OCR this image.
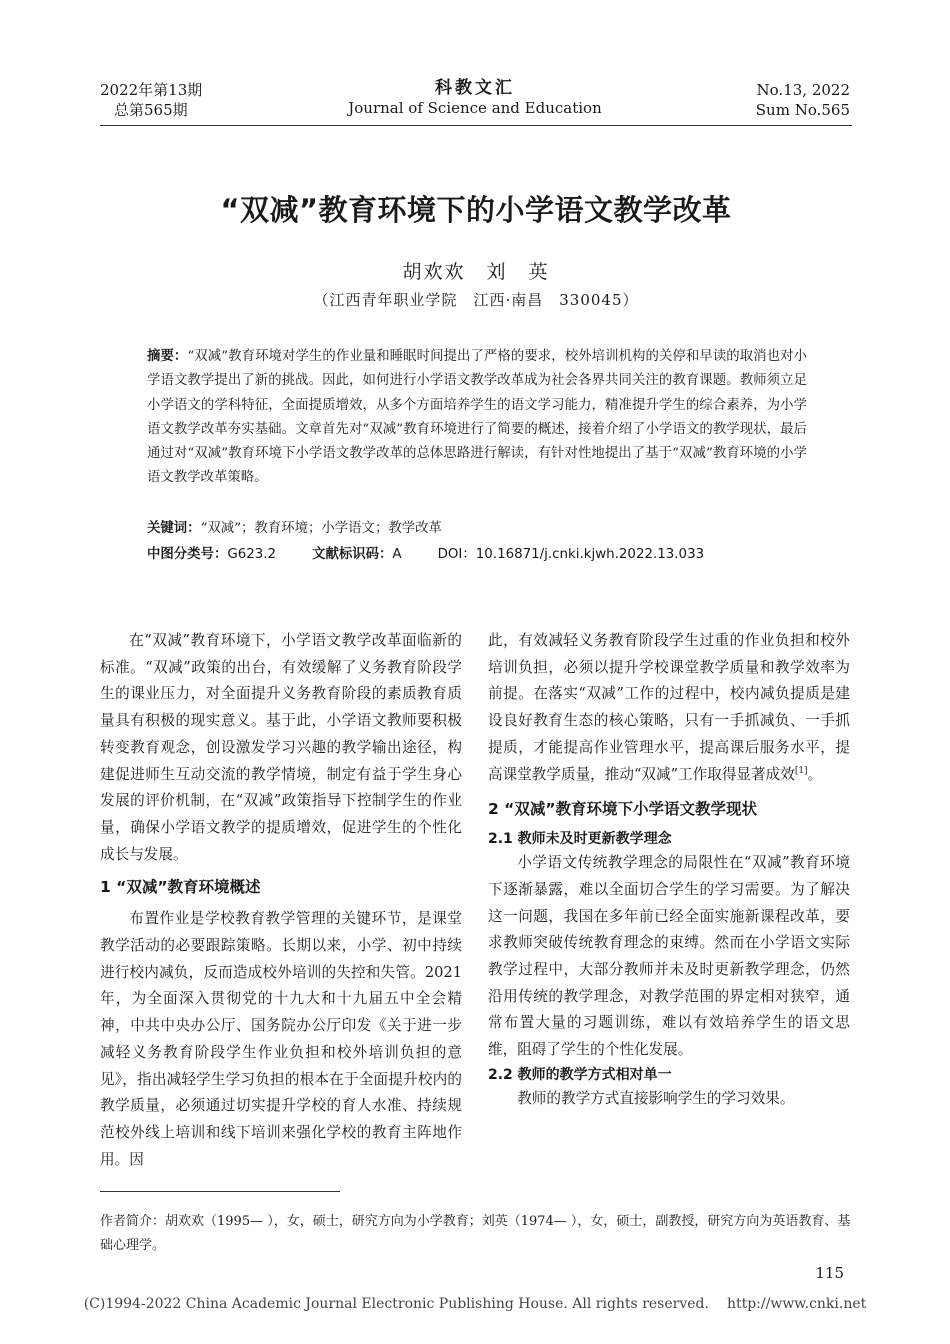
2022年第13期
总第565期
科教文汇
Journal of Science and Education
No.13, 2022
Sum No.565
“双减”教育环境下的小学语文教学改革
胡欢欢　刘　英
（江西青年职业学院　江西·南昌　330045）
摘要：“双减”教育环境对学生的作业量和睡眠时间提出了严格的要求，校外培训机构的关停和早读的取消也对小学语文教学提出了新的挑战。因此，如何进行小学语文教学改革成为社会各界共同关注的教育课题。教师须立足小学语文的学科特征，全面提质增效，从多个方面培养学生的语文学习能力，精准提升学生的综合素养，为小学语文教学改革夯实基础。文章首先对“双减”教育环境进行了简要的概述，接着介绍了小学语文的教学现状，最后通过对“双减”教育环境下小学语文教学改革的总体思路进行解读，有针对性地提出了基于“双减”教育环境的小学语文教学改革策略。
关键词：“双减”；教育环境；小学语文；教学改革
中图分类号：G623.2	文献标识码：A	DOI：10.16871/j.cnki.kjwh.2022.13.033

在“双减”教育环境下，小学语文教学改革面临新的标准。“双减”政策的出台，有效缓解了义务教育阶段学生的课业压力，对全面提升义务教育阶段的素质教育质量具有积极的现实意义。基于此，小学语文教师要积极转变教育观念，创设激发学习兴趣的教学输出途径，构建促进师生互动交流的教学情境，制定有益于学生身心发展的评价机制，在“双减”政策指导下控制学生的作业量，确保小学语文教学的提质增效，促进学生的个性化成长与发展。

1 “双减”教育环境概述

布置作业是学校教育教学管理的关键环节，是课堂教学活动的必要跟踪策略。长期以来，小学、初中持续进行校内减负，反而造成校外培训的失控和失管。2021年，为全面深入贯彻党的十九大和十九届五中全会精神，中共中央办公厅、国务院办公厅印发《关于进一步减轻义务教育阶段学生作业负担和校外培训负担的意见》，指出减轻学生学习负担的根本在于全面提升校内的教学质量，必须通过切实提升学校的育人水准、持续规范校外线上培训和线下培训来强化学校的教育主阵地作用。因

此，有效减轻义务教育阶段学生过重的作业负担和校外培训负担，必须以提升学校课堂教学质量和教学效率为前提。在落实“双减”工作的过程中，校内减负提质是建设良好教育生态的核心策略，只有一手抓减负、一手抓提质，才能提高作业管理水平，提高课后服务水平，提高课堂教学质量，推动“双减”工作取得显著成效[1]。

2 “双减”教育环境下小学语文教学现状
2.1 教师未及时更新教学理念

小学语文传统教学理念的局限性在“双减”教育环境下逐渐暴露，难以全面切合学生的学习需要。为了解决这一问题，我国在多年前已经全面实施新课程改革，要求教师突破传统教育理念的束缚。然而在小学语文实际教学过程中，大部分教师并未及时更新教学理念，仍然沿用传统的教学理念，对教学范围的界定相对狭窄，通常布置大量的习题训练，难以有效培养学生的语文思维，阻碍了学生的个性化发展。

2.2 教师的教学方式相对单一

教师的教学方式直接影响学生的学习效果。

作者简介：胡欢欢（1995— ），女，硕士，研究方向为小学教育；刘英（1974— ），女，硕士，副教授，研究方向为英语教育、基础心理学。
115
(C)1994-2022 China Academic Journal Electronic Publishing House. All rights reserved. http://www.cnki.net
